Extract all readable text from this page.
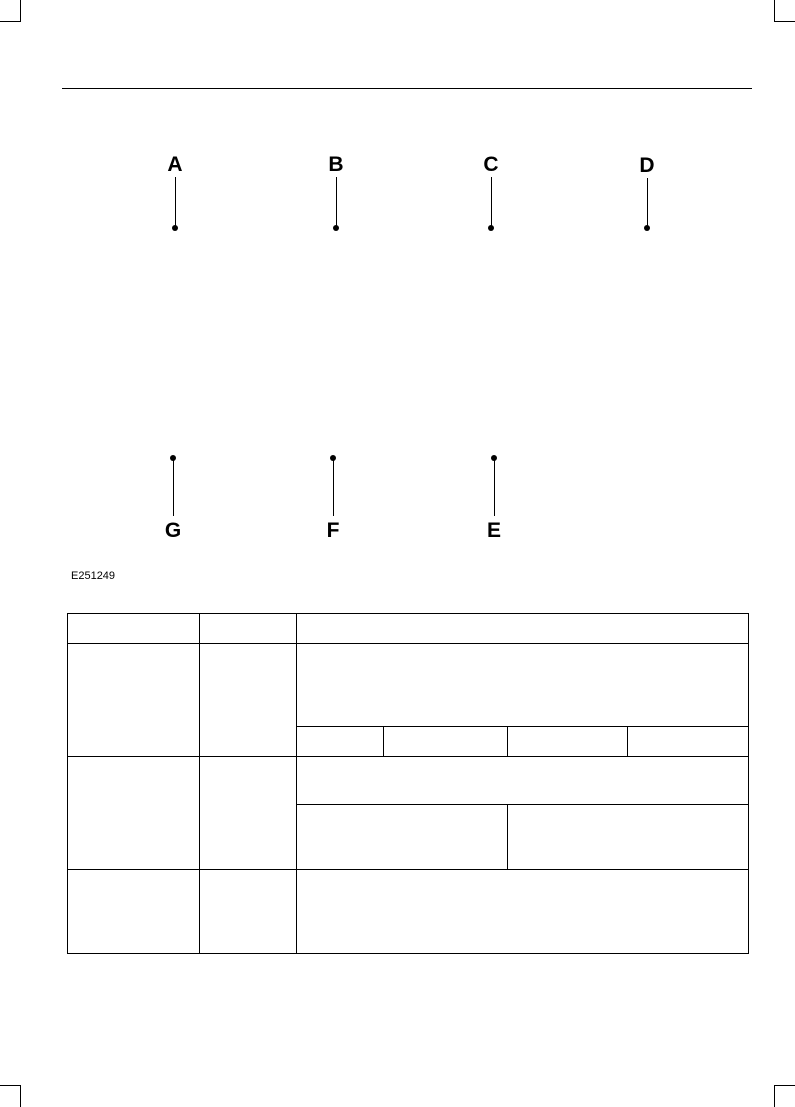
A	B	C	D
G	F	E
E251249
